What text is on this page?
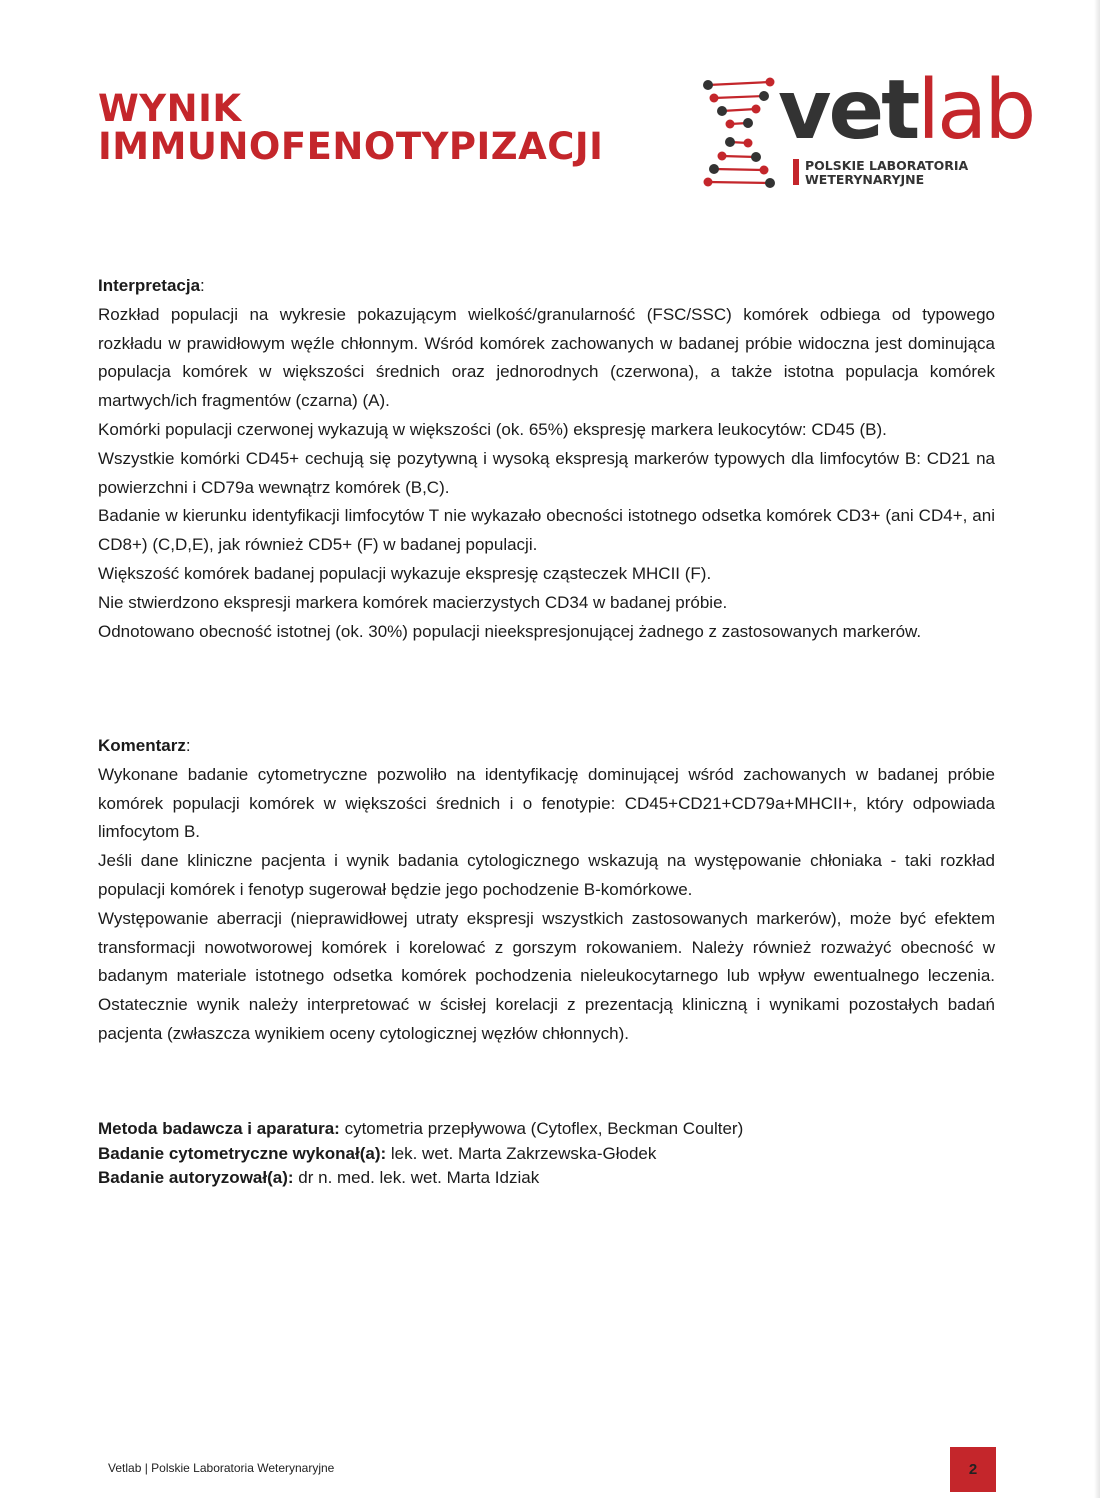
WYNIK
IMMUNOFENOTYPIZACJI vetlab
POLSKIE LABORATORIA
WETERYNARYJNE
Interpretacja:

Rozkład populacji na wykresie pokazującym wielkość/granularność (FSC/SSC) komórek odbiega od typowego rozkładu w prawidłowym węźle chłonnym. Wśród komórek zachowanych w badanej próbie widoczna jest dominująca populacja komórek w większości średnich oraz jednorodnych (czerwona), a także istotna populacja komórek martwych/ich fragmentów (czarna) (A).

Komórki populacji czerwonej wykazują w większości (ok. 65%) ekspresję markera leukocytów: CD45 (B).

Wszystkie komórki CD45+ cechują się pozytywną i wysoką ekspresją markerów typowych dla limfocytów B: CD21 na powierzchni i CD79a wewnątrz komórek (B,C).

Badanie w kierunku identyfikacji limfocytów T nie wykazało obecności istotnego odsetka komórek CD3+ (ani CD4+, ani CD8+) (C,D,E), jak również CD5+ (F) w badanej populacji.

Większość komórek badanej populacji wykazuje ekspresję cząsteczek MHCII (F).

Nie stwierdzono ekspresji markera komórek macierzystych CD34 w badanej próbie.

Odnotowano obecność istotnej (ok. 30%) populacji nieekspresjonującej żadnego z zastosowanych markerów.

Komentarz:

Wykonane badanie cytometryczne pozwoliło na identyfikację dominującej wśród zachowanych w badanej próbie komórek populacji komórek w większości średnich i o fenotypie: CD45+CD21+CD79a+MHCII+, który odpowiada limfocytom B.

Jeśli dane kliniczne pacjenta i wynik badania cytologicznego wskazują na występowanie chłoniaka - taki rozkład populacji komórek i fenotyp sugerował będzie jego pochodzenie B-komórkowe.

Występowanie aberracji (nieprawidłowej utraty ekspresji wszystkich zastosowanych markerów), może być efektem transformacji nowotworowej komórek i korelować z gorszym rokowaniem. Należy również rozważyć obecność w badanym materiale istotnego odsetka komórek pochodzenia nieleukocytarnego lub wpływ ewentualnego leczenia. Ostatecznie wynik należy interpretować w ścisłej korelacji z prezentacją kliniczną i wynikami pozostałych badań pacjenta (zwłaszcza wynikiem oceny cytologicznej węzłów chłonnych).

Metoda badawcza i aparatura: cytometria przepływowa (Cytoflex, Beckman Coulter)
Badanie cytometryczne wykonał(a): lek. wet. Marta Zakrzewska-Głodek
Badanie autoryzował(a): dr n. med. lek. wet. Marta Idziak
Vetlab | Polskie Laboratoria Weterynaryjne	2
